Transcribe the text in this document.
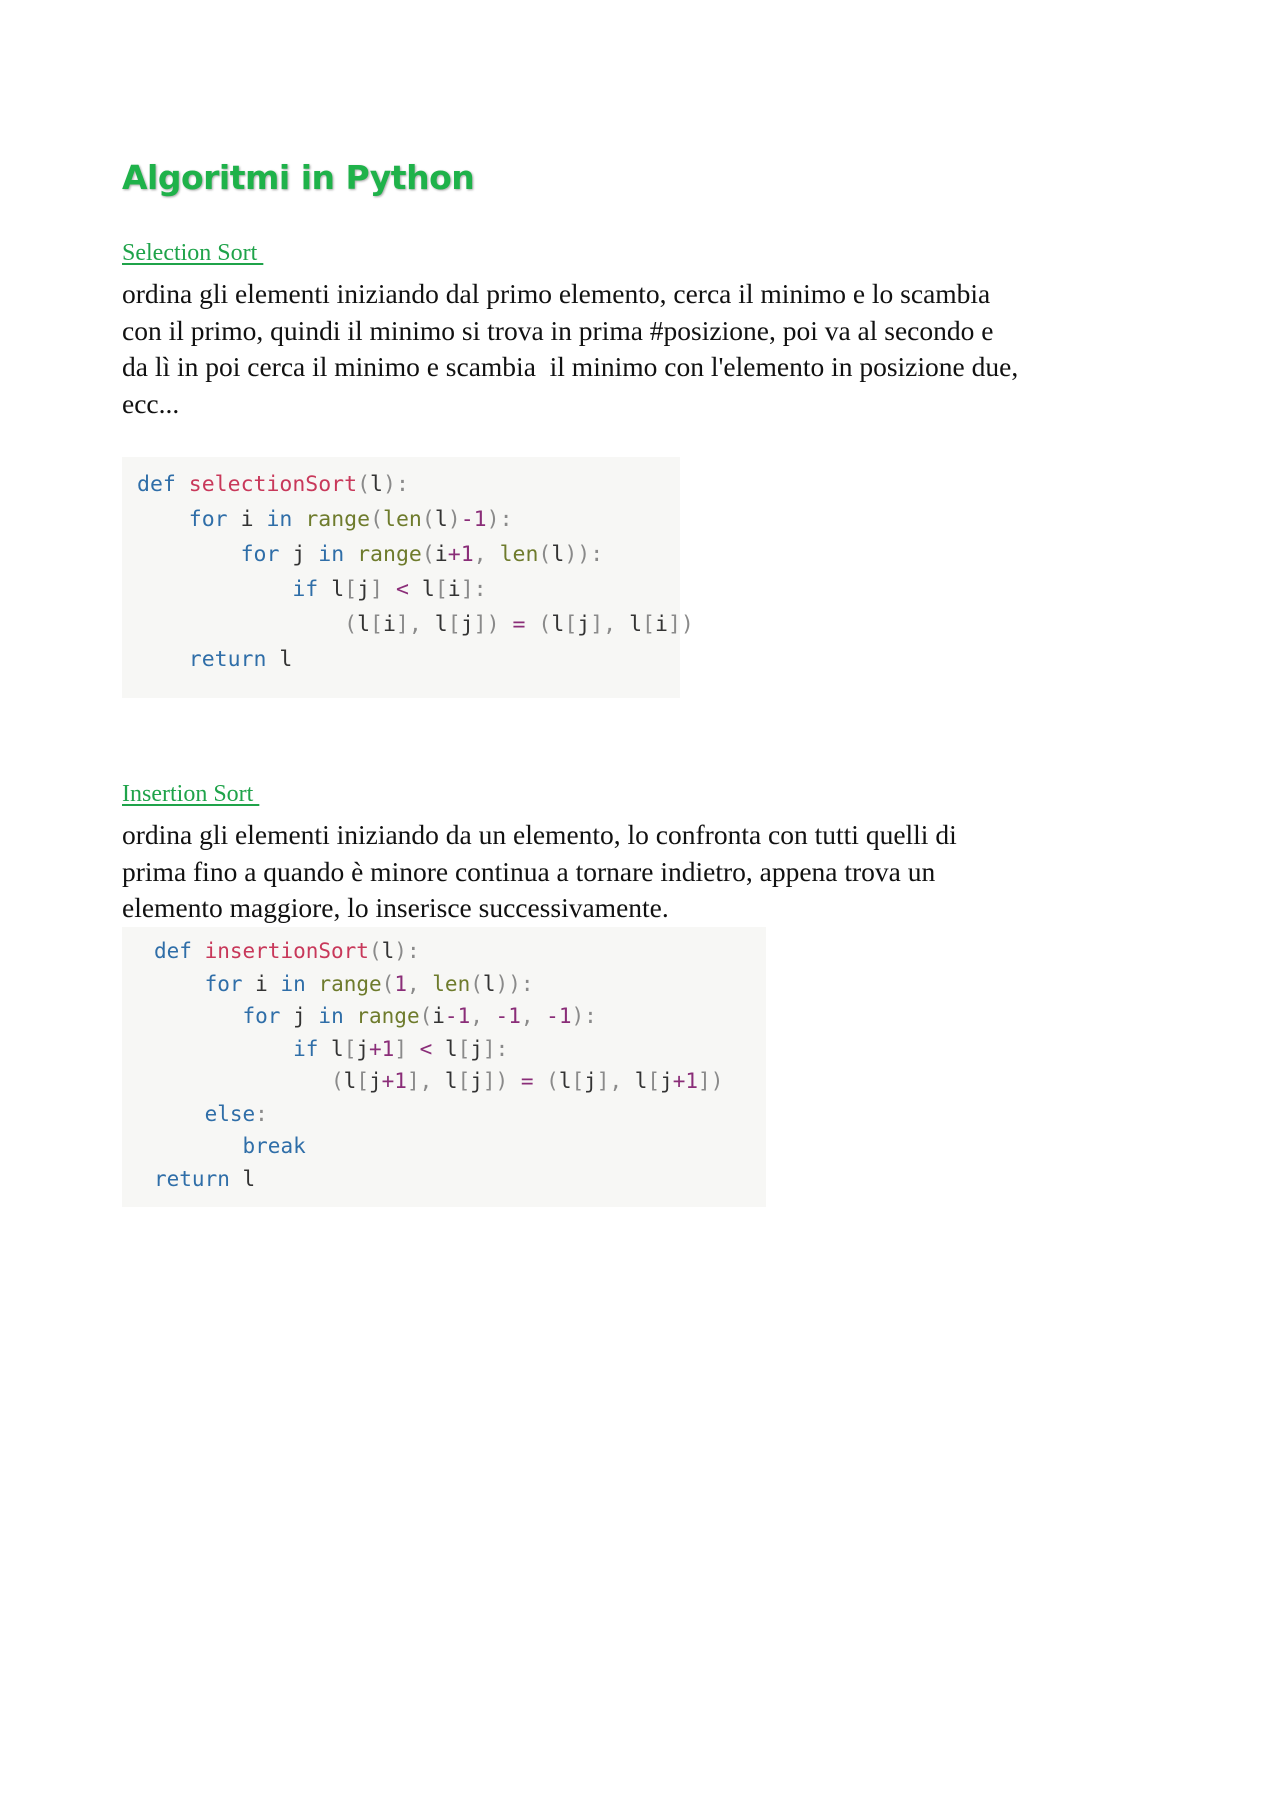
Algoritmi in Python
Selection Sort

ordina gli elementi iniziando dal primo elemento, cerca il minimo e lo scambia
con il primo, quindi il minimo si trova in prima #posizione, poi va al secondo e
da lì in poi cerca il minimo e scambia  il minimo con l'elemento in posizione due,
ecc...

def selectionSort(l):
for i in range(len(l)-1):
for j in range(i+1, len(l)):
if l[j] < l[i]:
(l[i], l[j]) = (l[j], l[i])
return l
Insertion Sort

ordina gli elementi iniziando da un elemento, lo confronta con tutti quelli di
prima fino a quando è minore continua a tornare indietro, appena trova un
elemento maggiore, lo inserisce successivamente.

def insertionSort(l):
for i in range(1, len(l)):
for j in range(i-1, -1, -1):
if l[j+1] < l[j]:
(l[j+1], l[j]) = (l[j], l[j+1])
else:
break
return l
